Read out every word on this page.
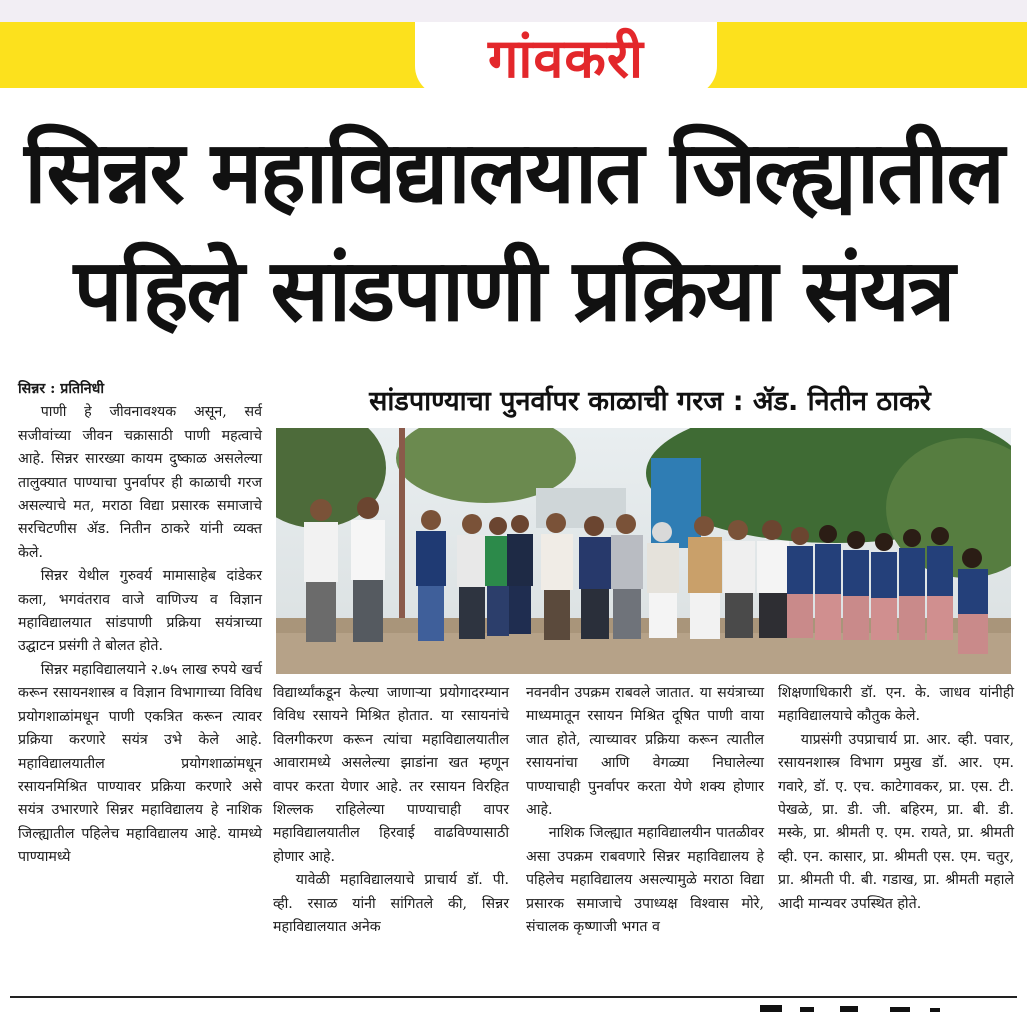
गांवकरी
सिन्नर महाविद्यालयात जिल्ह्यातील
पहिले सांडपाणी प्रक्रिया संयत्र
सांडपाण्याचा पुनर्वापर काळाची गरज : ॲड. नितीन ठाकरे

सिन्नर : प्रतिनिधी

पाणी हे जीवनावश्यक असून, सर्व सजीवांच्या जीवन चक्रासाठी पाणी महत्वाचे आहे. सिन्नर सारख्या कायम दुष्काळ असलेल्या तालुक्यात पाण्याचा पुनर्वापर ही काळाची गरज असल्याचे मत, मराठा विद्या प्रसारक समाजाचे सरचिटणीस ॲड. नितीन ठाकरे यांनी व्यक्त केले.

सिन्नर येथील गुरुवर्य मामासाहेब दांडेकर कला, भगवंतराव वाजे वाणिज्य व विज्ञान महाविद्यालयात सांडपाणी प्रक्रिया सयंत्राच्या उद्घाटन प्रसंगी ते बोलत होते.

सिन्नर महाविद्यालयाने २.७५ लाख रुपये खर्च करून रसायनशास्त्र व विज्ञान विभागाच्या विविध प्रयोगशाळांमधून पाणी एकत्रित करून त्यावर प्रक्रिया करणारे सयंत्र उभे केले आहे. महाविद्यालयातील प्रयोगशाळांमधून रसायनमिश्रित पाण्यावर प्रक्रिया करणारे असे सयंत्र उभारणारे सिन्नर महाविद्यालय हे नाशिक जिल्ह्यातील पहिलेच महाविद्यालय आहे. यामध्ये पाण्यामध्ये

विद्यार्थ्यांकडून केल्या जाणाऱ्या प्रयोगादरम्यान विविध रसायने मिश्रित होतात. या रसायनांचे विलगीकरण करून त्यांचा महाविद्यालयातील आवारामध्ये असलेल्या झाडांना खत म्हणून वापर करता येणार आहे. तर रसायन विरहित शिल्लक राहिलेल्या पाण्याचाही वापर महाविद्यालयातील हिरवाई वाढविण्यासाठी होणार आहे.

यावेळी महाविद्यालयाचे प्राचार्य डॉ. पी. व्ही. रसाळ यांनी सांगितले की, सिन्नर महाविद्यालयात अनेक

नवनवीन उपक्रम राबवले जातात. या सयंत्राच्या माध्यमातून रसायन मिश्रित दूषित पाणी वाया जात होते, त्याच्यावर प्रक्रिया करून त्यातील रसायनांचा आणि वेगळ्या निघालेल्या पाण्याचाही पुनर्वापर करता येणे शक्य होणार आहे.

नाशिक जिल्ह्यात महाविद्यालयीन पातळीवर असा उपक्रम राबवणारे सिन्नर महाविद्यालय हे पहिलेच महाविद्यालय असल्यामुळे मराठा विद्या प्रसारक समाजाचे उपाध्यक्ष विश्वास मोरे, संचालक कृष्णाजी भगत व

शिक्षणाधिकारी डॉ. एन. के. जाधव यांनीही महाविद्यालयाचे कौतुक केले.

याप्रसंगी उपप्राचार्य प्रा. आर. व्ही. पवार, रसायनशास्त्र विभाग प्रमुख डॉ. आर. एम. गवारे, डॉ. ए. एच. काटेगावकर, प्रा. एस. टी. पेखळे, प्रा. डी. जी. बहिरम, प्रा. बी. डी. मस्के, प्रा. श्रीमती ए. एम. रायते, प्रा. श्रीमती व्ही. एन. कासार, प्रा. श्रीमती एस. एम. चतुर, प्रा. श्रीमती पी. बी. गडाख, प्रा. श्रीमती महाले आदी मान्यवर उपस्थित होते.
